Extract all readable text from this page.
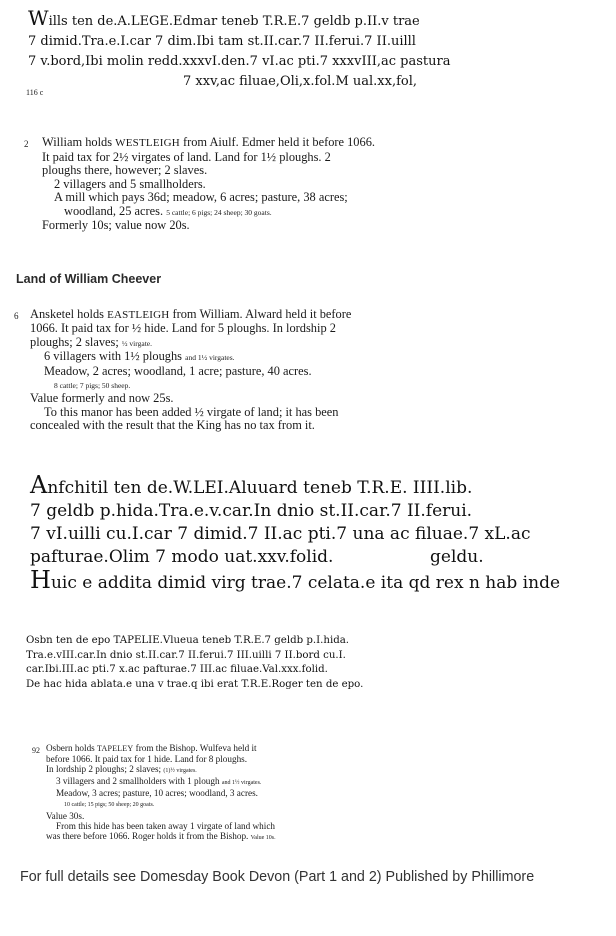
Wills ten de.A.LEGE.Edmar teneb T.R.E.7 geldb p.II.v trae
7 dimid.Tra.e.I.car 7 dim.Ibi tam st.II.car.7 II.ferui.7 II.uilll
7 v.bord,Ibi molin redd.xxxvI.den.7 vI.ac pti.7 xxxvIII,ac pastura
7 xxv,ac filuae,Oli,x.fol.M ual.xx,fol,
116 c
2 William holds WESTLEIGH from Aiulf. Edmer held it before 1066.
It paid tax for 2½ virgates of land. Land for 1½ ploughs. 2
ploughs there, however; 2 slaves.
2 villagers and 5 smallholders.
A mill which pays 36d; meadow, 6 acres; pasture, 38 acres;
woodland, 25 acres. 5 cattle; 6 pigs; 24 sheep; 30 goats.
Formerly 10s; value now 20s.
Land of William Cheever
6 Ansketel holds EASTLEIGH from William. Alward held it before
1066. It paid tax for ½ hide. Land for 5 ploughs. In lordship 2
ploughs; 2 slaves; ½ virgate.
6 villagers with 1½ ploughs and 1½ virgates.
Meadow, 2 acres; woodland, 1 acre; pasture, 40 acres.
8 cattle; 7 pigs; 50 sheep.
Value formerly and now 25s.
To this manor has been added ½ virgate of land; it has been
concealed with the result that the King has no tax from it.
Anfchitil ten de.W.LEI.Aluuard teneb T.R.E. IIII.lib.
7 geldb p.hida.Tra.e.v.car.In dnio st.II.car.7 II.ferui.
7 vI.uilli cu.I.car 7 dimid.7 II.ac pti.7 una ac filuae.7 xL.ac
pafturae.Olim 7 modo uat.xxv.folid.	geldu.
Huic e addita dimid virg trae.7 celata.e ita qd rex n hab inde
Osbn ten de epo TAPELIE.Vlueua teneb T.R.E.7 geldb p.I.hida.
Tra.e.vIII.car.In dnio st.II.car.7 II.ferui.7 III.uilli 7 II.bord cu.I.
car.Ibi.III.ac pti.7 x.ac pafturae.7 III.ac filuae.Val.xxx.folid.
De hac hida ablata.e una v trae.q ibi erat T.R.E.Roger ten de epo.
92 Osbern holds TAPELEY from the Bishop. Wulfeva held it
before 1066. It paid tax for 1 hide. Land for 8 ploughs.
In lordship 2 ploughs; 2 slaves; (1)½ virgates.
3 villagers and 2 smallholders with 1 plough and 1½ virgates.
Meadow, 3 acres; pasture, 10 acres; woodland, 3 acres.
10 cattle; 15 pigs; 50 sheep; 20 goats.
Value 30s.
From this hide has been taken away 1 virgate of land which
was there before 1066. Roger holds it from the Bishop. Value 10s.
For full details see Domesday Book Devon (Part 1 and 2) Published by Phillimore
